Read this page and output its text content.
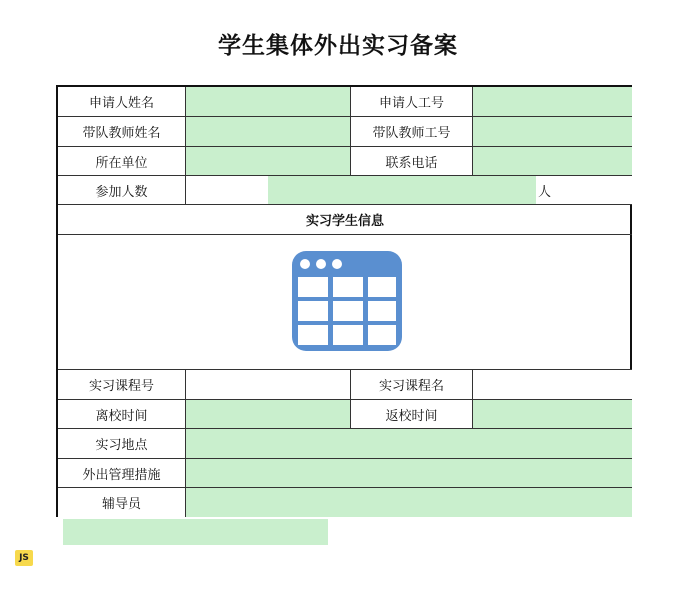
学生集体外出实习备案
申请人姓名	申请人工号
带队教师姓名	带队教师工号
所在单位	联系电话
参加人数	人
实习学生信息
实习课程号	实习课程名
离校时间	返校时间
实习地点
外出管理措施
辅导员
JS
